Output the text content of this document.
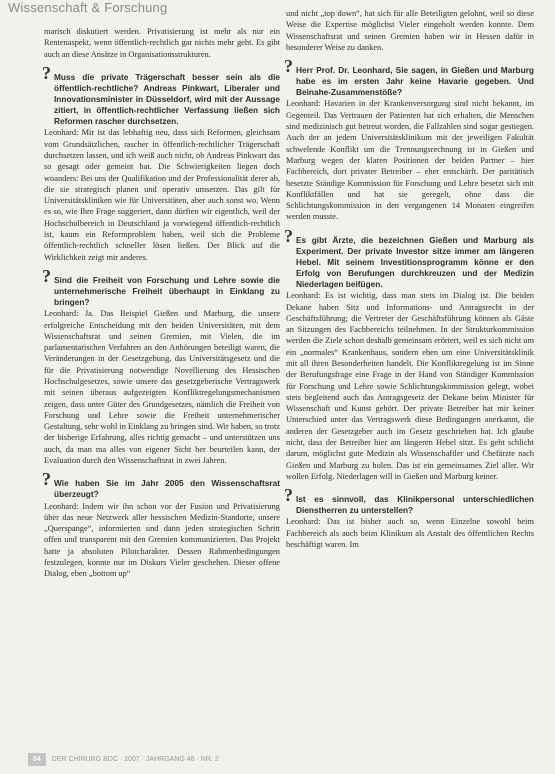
Wissenschaft & Forschung

marisch diskutiert werden. Privatisierung ist mehr als nur ein Rentenaspekt, wenn öffentlich-rechtlich gar nichts mehr geht. Es gibt auch an diese Ansätze in Organisationsstrukturen.

? Muss die private Trägerschaft besser sein als die öffentlich-rechtliche? Andreas Pinkwart, Liberaler und Innovationsminister in Düsseldorf, wird mit der Aussage zitiert, in öffentlich-rechtlicher Verfassung ließen sich Reformen rascher durchsetzen.

Leonhard: Mir ist das lebhaftig neu, dass sich Reformen, gleichsam vom Grundsätzlichen, rascher in öffentlich-rechtlicher Trägerschaft durchsetzen lassen, und ich weiß auch nicht, ob Andreas Pinkwart das so gesagt oder gemeint hat. Die Schwierigkeiten liegen doch woanders: Bei uns der Qualifikation und der Professionalität derer ab, die sie strategisch planen und operativ umsetzen. Das gilt für Universitätskliniken wie für Universitäten, aber auch sonst wo. Wenn es so, wie Ihre Frage suggeriert, dann dürften wir eigentlich, weil der Hochschulbereich in Deutschland ja vorwiegend öffentlich-rechtlich ist, kaum ein Reformproblem haben, weil sich die Probleme öffentlich-rechtlich schneller lösen ließen. Der Blick auf die Wirklichkeit zeigt mir anderes.

? Sind die Freiheit von Forschung und Lehre sowie die unternehmerische Freiheit überhaupt in Einklang zu bringen?

Leonhard: Ja. Das Beispiel Gießen und Marburg, die unsere erfolgreiche Entscheidung mit den beiden Universitäten, mit dem Wissenschaftsrat und seinen Gremien, mit Vielen, die im parlamentarischen Verfahren an den Anhörungen beteiligt waren, die Veränderungen in der Gesetzgebung, das Universitätsgesetz und die für die Privatisierung notwendige Novellierung des Hessischen Hochschulgesetzes, sowie unsere das gesetzgeberische Vertragswerk mit seinen überaus aufgezeigten Konfliktregelungsmechanismen zeigen, dass unter Güter des Grundgesetzes, nämlich die Freiheit von Forschung und Lehre sowie die Freiheit unternehmerischer Gestaltung, sehr wohl in Einklang zu bringen sind. Wir haben, so trotz der bisherige Erfahrung, alles richtig gemacht – und unterstützen uns auch, da man ma alles von eigener Sicht her beurteilen kann, der Evaluation durch den Wissenschaftsrat in zwei Jahren.

? Wie haben Sie im Jahr 2005 den Wissenschaftsrat überzeugt?

Leonhard: Indem wir ihn schon vor der Fusion und Privatisierung über das neue Netzwerk aller hessischen Medizin-Standorte, unsere „Querspange“, informierten und dann jeden strategischen Schritt offen und transparent mit den Gremien kommunizierten. Das Projekt hatte ja absoluten Pilotcharakter. Dessen Rahmenbedingungen festzulegen, konnte nur im Diskurs Vieler geschehen. Dieser offene Dialog, eben „bottom up“

und nicht „top down“, hat sich für alle Beteiligten gelohnt, weil so diese Weise die Expertise möglichst Vieler eingeholt werden konnte. Dem Wissenschaftsrat und seinen Gremien haben wir in Hessen dafür in besonderer Weise zu danken.

? Herr Prof. Dr. Leonhard, Sie sagen, in Gießen und Marburg habe es im ersten Jahr keine Havarie gegeben. Und Beinahe-Zusammenstöße?

Leonhard: Havarien in der Krankenversorgung sind nicht bekannt, im Gegenteil. Das Vertrauen der Patienten hat sich erhalten, die Menschen sind medizinisch gut betreut worden, die Fallzahlen sind sogar gestiegen. Auch der an jedem Universitätsklinikum mit der jeweiligen Fakultät schwelende Konflikt um die Trennungsrechnung ist in Gießen und Marburg wegen der klaren Positionen der beiden Partner – hier Fachbereich, dort privater Betreiber – eher entschärft. Der paritätisch besetzte Ständige Kommission für Forschung und Lehre besetzt sich mit Konfliktfällen und hat sie geregelt, ohne dass die Schlichtungskommission in den vergangenen 14 Monaten eingreifen werden musste.

? Es gibt Ärzte, die bezeichnen Gießen und Marburg als Experiment. Der private Investor sitze immer am längeren Hebel. Mit seinem Investitionsprogramm könne er den Erfolg von Berufungen durchkreuzen und der Medizin Niederlagen beifügen.

Leonhard: Es ist wichtig, dass man stets im Dialog ist. Die beiden Dekane haben Sitz und Informations- und Antragsrecht in der Geschäftsführung; die Vertreter der Geschäftsführung können als Gäste an Sitzungen des Fachbereichs teilnehmen. In der Strukturkommission werden die Ziele schon deshalb gemeinsam erörtert, weil es sich nicht um ein „normales“ Krankenhaus, sondern eben um eine Universitätsklinik mit all ihren Besonderheiten handelt. Die Konfliktregelung ist im Sinne der Berufungsfrage eine Frage in der Hand von Ständiger Kommission für Forschung und Lehre sowie Schlichtungskommission gelegt, wobei stets begleitend auch das Antragsgesetz der Dekane beim Minister für Wissenschaft und Kunst gehört. Der private Betreiber hat mir keiner Unterschied unter das Vertragswerk diese Bedingungen anerkannt, die anderen der Gesetzgeber auch im Gesetz geschrieben hat. Ich glaube nicht, dass der Betreiber hier am längeren Hebel sitzt. Es geht schlicht darum, möglichst gute Medizin als Wissenschaftler und Chefärzte nach Gießen und Marburg zu holen. Das ist ein gemeinsames Ziel aller. Wir wollen Erfolg. Niederlagen will in Gießen und Marburg keiner.

? Ist es sinnvoll, das Klinikpersonal unterschiedlichen Dienstherren zu unterstellen?

Leonhard: Das ist bisher auch so, wenn Einzelne sowohl beim Fachbereich als auch beim Klinikum als Anstalt des öffentlichen Rechts beschäftigt waren. Im

84	DER CHIRURG BDC · 2007 · JAHRGANG 46 · NR. 2
